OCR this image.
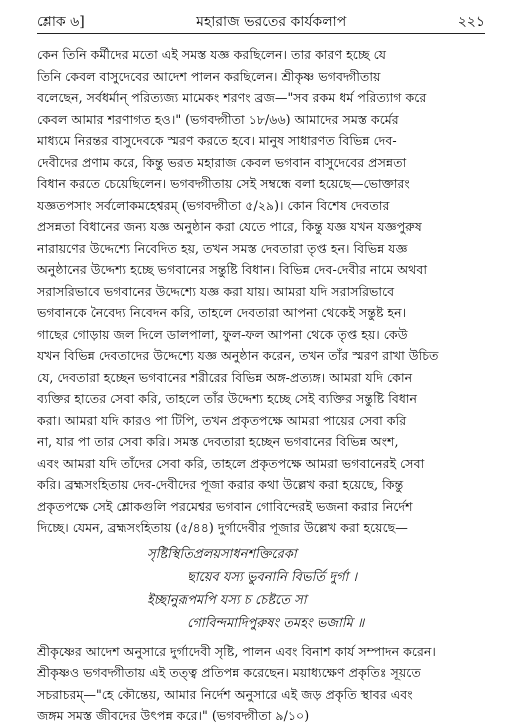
শ্লোক ৬]	মহারাজ ভরতের কার্যকলাপ	২২১
কেন তিনি কর্মীদের মতো এই সমস্ত যজ্ঞ করছিলেন। তার কারণ হচ্ছে যে
তিনি কেবল বাসুদেবের আদেশ পালন করছিলেন। শ্রীকৃষ্ণ ভগবদ্গীতায়
বলেছেন, সর্বধর্মান্ পরিত্যজ্য মামেকং শরণং ব্রজ—"সব রকম ধর্ম পরিত্যাগ করে
কেবল আমার শরণাগত হও।" (ভগবদ্গীতা ১৮/৬৬) আমাদের সমস্ত কর্মের
মাধ্যমে নিরন্তর বাসুদেবকে স্মরণ করতে হবে। মানুষ সাধারণত বিভিন্ন দেব-
দেবীদের প্রণাম করে, কিন্তু ভরত মহারাজ কেবল ভগবান বাসুদেবের প্রসন্নতা
বিধান করতে চেয়েছিলেন। ভগবদ্গীতায় সেই সম্বন্ধে বলা হয়েছে—ভোক্তারং
যজ্ঞতপসাং সর্বলোকমহেশ্বরম্ (ভগবদ্গীতা ৫/২৯)। কোন বিশেষ দেবতার
প্রসন্নতা বিধানের জন্য যজ্ঞ অনুষ্ঠান করা যেতে পারে, কিন্তু যজ্ঞ যখন যজ্ঞপুরুষ
নারায়ণের উদ্দেশ্যে নিবেদিত হয়, তখন সমস্ত দেবতারা তৃপ্ত হন। বিভিন্ন যজ্ঞ
অনুষ্ঠানের উদ্দেশ্য হচ্ছে ভগবানের সন্তুষ্টি বিধান। বিভিন্ন দেব-দেবীর নামে অথবা
সরাসরিভাবে ভগবানের উদ্দেশ্যে যজ্ঞ করা যায়। আমরা যদি সরাসরিভাবে
ভগবানকে নৈবেদ্য নিবেদন করি, তাহলে দেবতারা আপনা থেকেই সন্তুষ্ট হন।
গাছের গোড়ায় জল দিলে ডালপালা, ফুল-ফল আপনা থেকে তৃপ্ত হয়। কেউ
যখন বিভিন্ন দেবতাদের উদ্দেশ্যে যজ্ঞ অনুষ্ঠান করেন, তখন তাঁর স্মরণ রাখা উচিত
যে, দেবতারা হচ্ছেন ভগবানের শরীরের বিভিন্ন অঙ্গ-প্রত্যঙ্গ। আমরা যদি কোন
ব্যক্তির হাতের সেবা করি, তাহলে তাঁর উদ্দেশ্য হচ্ছে সেই ব্যক্তির সন্তুষ্টি বিধান
করা। আমরা যদি কারও পা টিপি, তখন প্রকৃতপক্ষে আমরা পায়ের সেবা করি
না, যার পা তার সেবা করি। সমস্ত দেবতারা হচ্ছেন ভগবানের বিভিন্ন অংশ,
এবং আমরা যদি তাঁদের সেবা করি, তাহলে প্রকৃতপক্ষে আমরা ভগবানেরই সেবা
করি। ব্রহ্মসংহিতায় দেব-দেবীদের পূজা করার কথা উল্লেখ করা হয়েছে, কিন্তু
প্রকৃতপক্ষে সেই শ্লোকগুলি পরমেশ্বর ভগবান গোবিন্দেরই ভজনা করার নির্দেশ
দিচ্ছে। যেমন, ব্রহ্মসংহিতায় (৫/৪৪) দুর্গাদেবীর পূজার উল্লেখ করা হয়েছে—
সৃষ্টিস্থিতিপ্রলয়সাধনশক্তিরেকা
ছায়েব যস্য ভুবনানি বিভর্তি দুর্গা ।
ইচ্ছানুরূপমপি যস্য চ চেষ্টতে সা
গোবিন্দমাদিপুরুষং তমহং ভজামি ॥
শ্রীকৃষ্ণের আদেশ অনুসারে দুর্গাদেবী সৃষ্টি, পালন এবং বিনাশ কার্য সম্পাদন করেন।
শ্রীকৃষ্ণও ভগবদ্গীতায় এই তত্ত্ব প্রতিপন্ন করেছেন। ময়াধ্যক্ষেণ প্রকৃতিঃ সূয়তে
সচরাচরম্—"হে কৌন্তেয়, আমার নির্দেশ অনুসারে এই জড় প্রকৃতি স্থাবর এবং
জঙ্গম সমস্ত জীবদের উৎপন্ন করে।" (ভগবদ্গীতা ৯/১০)
